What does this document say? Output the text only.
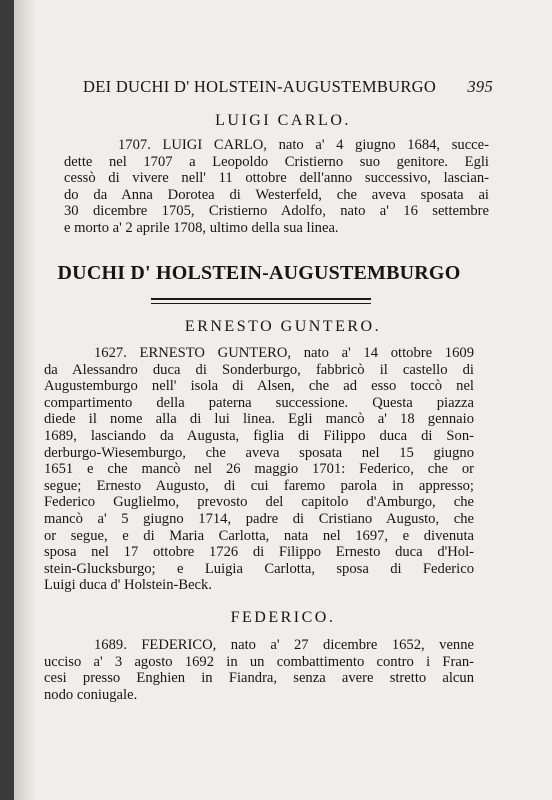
DEI DUCHI D' HOLSTEIN-AUGUSTEMBURGO 395
LUIGI CARLO.
1707. LUIGI CARLO, nato a' 4 giugno 1684, succe-
dette nel 1707 a Leopoldo Cristierno suo genitore. Egli
cessò di vivere nell' 11 ottobre dell'anno successivo, lascian-
do da Anna Dorotea di Westerfeld, che aveva sposata ai
30 dicembre 1705, Cristierno Adolfo, nato a' 16 settembre
e morto a' 2 aprile 1708, ultimo della sua linea.
DUCHI D' HOLSTEIN-AUGUSTEMBURGO
ERNESTO GUNTERO.
1627. ERNESTO GUNTERO, nato a' 14 ottobre 1609
da Alessandro duca di Sonderburgo, fabbricò il castello di
Augustemburgo nell' isola di Alsen, che ad esso toccò nel
compartimento della paterna successione. Questa piazza
diede il nome alla di lui linea. Egli mancò a' 18 gennaio
1689, lasciando da Augusta, figlia di Filippo duca di Son-
derburgo-Wiesemburgo, che aveva sposata nel 15 giugno
1651 e che mancò nel 26 maggio 1701: Federico, che or
segue; Ernesto Augusto, di cui faremo parola in appresso;
Federico Guglielmo, prevosto del capitolo d'Amburgo, che
mancò a' 5 giugno 1714, padre di Cristiano Augusto, che
or segue, e di Maria Carlotta, nata nel 1697, e divenuta
sposa nel 17 ottobre 1726 di Filippo Ernesto duca d'Hol-
stein-Glucksburgo; e Luigia Carlotta, sposa di Federico
Luigi duca d' Holstein-Beck.
FEDERICO.
1689. FEDERICO, nato a' 27 dicembre 1652, venne
ucciso a' 3 agosto 1692 in un combattimento contro i Fran-
cesi presso Enghien in Fiandra, senza avere stretto alcun
nodo coniugale.
